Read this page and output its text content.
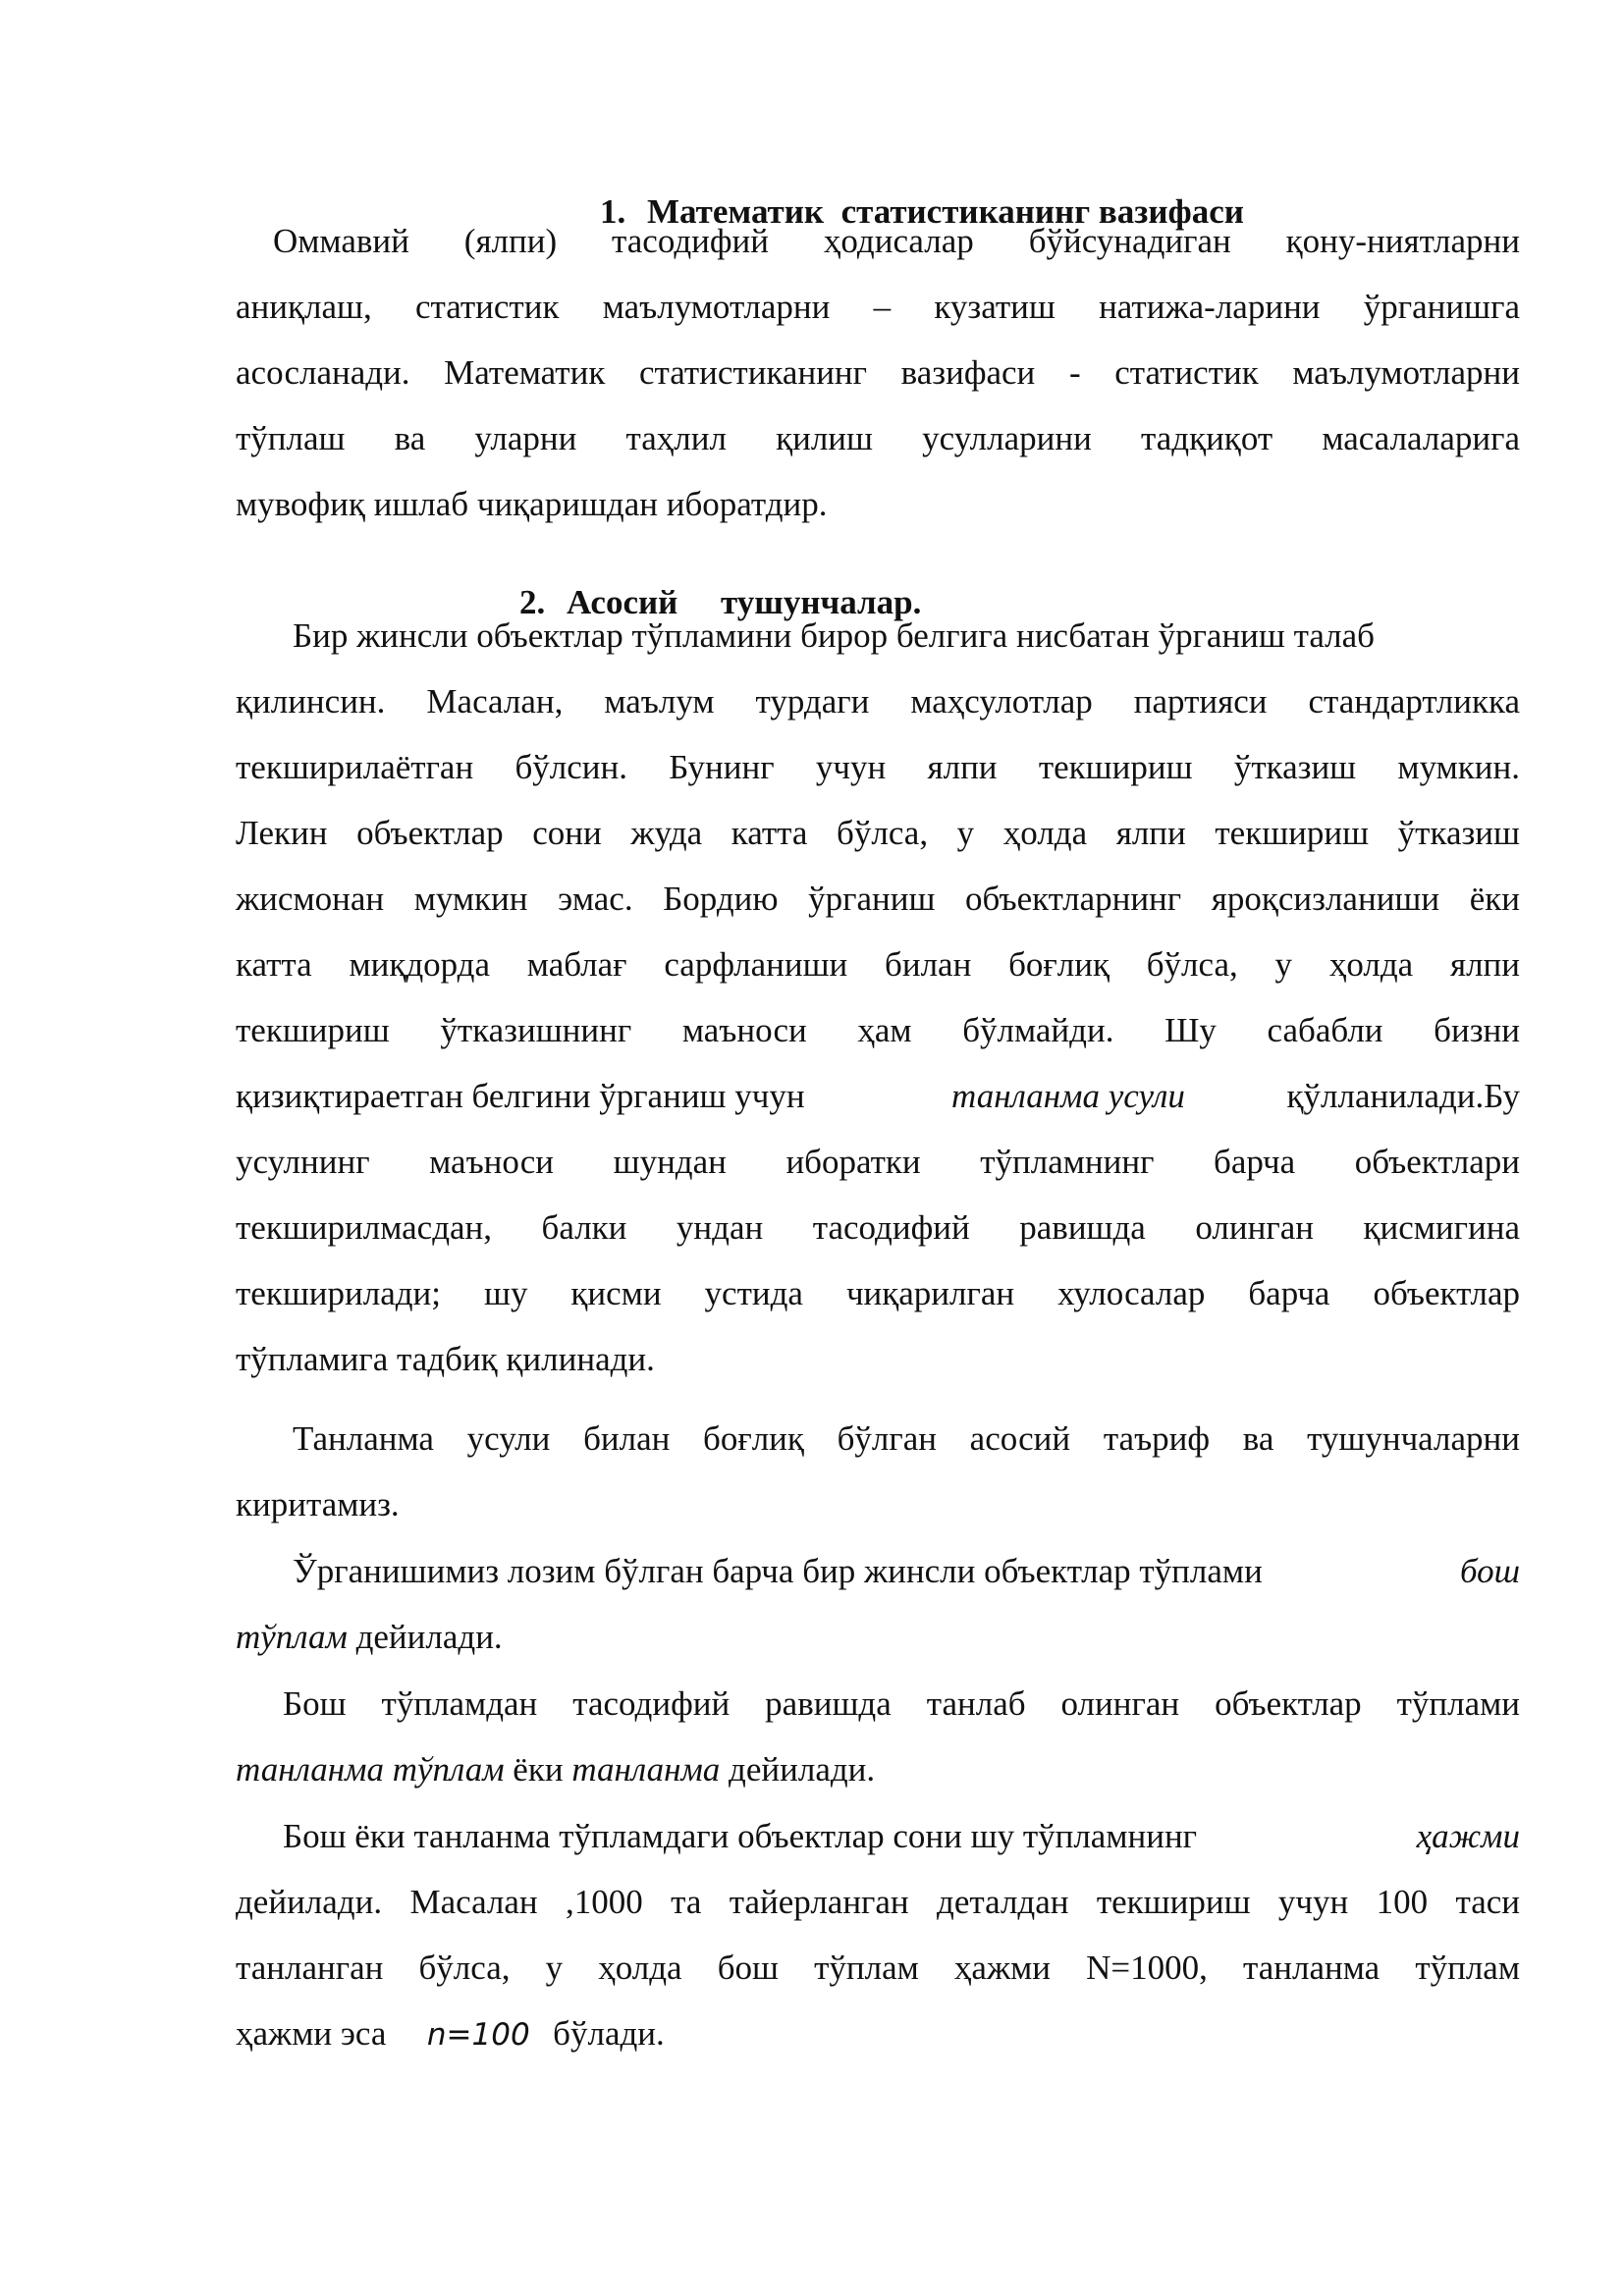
1. Математик  статистиканинг вазифаси

Оммавий (ялпи) тасодифий ҳодисалар бўйсунадиган қону-ниятларни
аниқлаш, статистик маълумотларни – кузатиш натижа-ларини ўрганишга
асосланади. Математик статистиканинг вазифаси - статистик маълумотларни
тўплаш ва уларни таҳлил қилиш усулларини тадқиқот масалаларига
мувофиқ ишлаб чиқаришдан иборатдир.

2. Асосий     тушунчалар.

Бир жинсли объектлар тўпламини бирор белгига нисбатан ўрганиш талаб
қилинсин. Масалан, маълум турдаги маҳсулотлар партияси стандартликка
текширилаётган бўлсин. Бунинг учун ялпи текшириш ўтказиш мумкин.
Лекин объектлар сони жуда катта бўлса, у ҳолда ялпи текшириш ўтказиш
жисмонан мумкин эмас. Бордию ўрганиш объектларнинг яроқсизланиши ёки
катта миқдорда маблағ сарфланиши билан боғлиқ бўлса, у ҳолда ялпи
текшириш ўтказишнинг маъноси ҳам бўлмайди. Шу сабабли бизни
қизиқтираетган белгини ўрганиш учун	танланма усули	қўлланилади.Бу
усулнинг маъноси шундан иборатки тўпламнинг барча объектлари
текширилмасдан, балки ундан тасодифий равишда олинган қисмигина
текширилади; шу қисми устида чиқарилган хулосалар барча объектлар
тўпламига тадбиқ қилинади.
Танланма усули билан боғлиқ бўлган асосий таъриф ва тушунчаларни
киритамиз.
Ўрганишимиз лозим бўлган барча бир жинсли объектлар тўплами	бош
тўплам дейилади.
Бош тўпламдан тасодифий равишда танлаб олинган объектлар тўплами
танланма тўплам ёки танланма дейилади.
Бош ёки танланма тўпламдаги объектлар сони шу тўпламнинг	ҳажми
дейилади. Масалан ,1000 та тайерланган деталдан текшириш учун 100 таси
танланган бўлса, у ҳолда бош тўплам ҳажми N=1000, танланма тўплам
ҳажми эса n=100 бўлади.
